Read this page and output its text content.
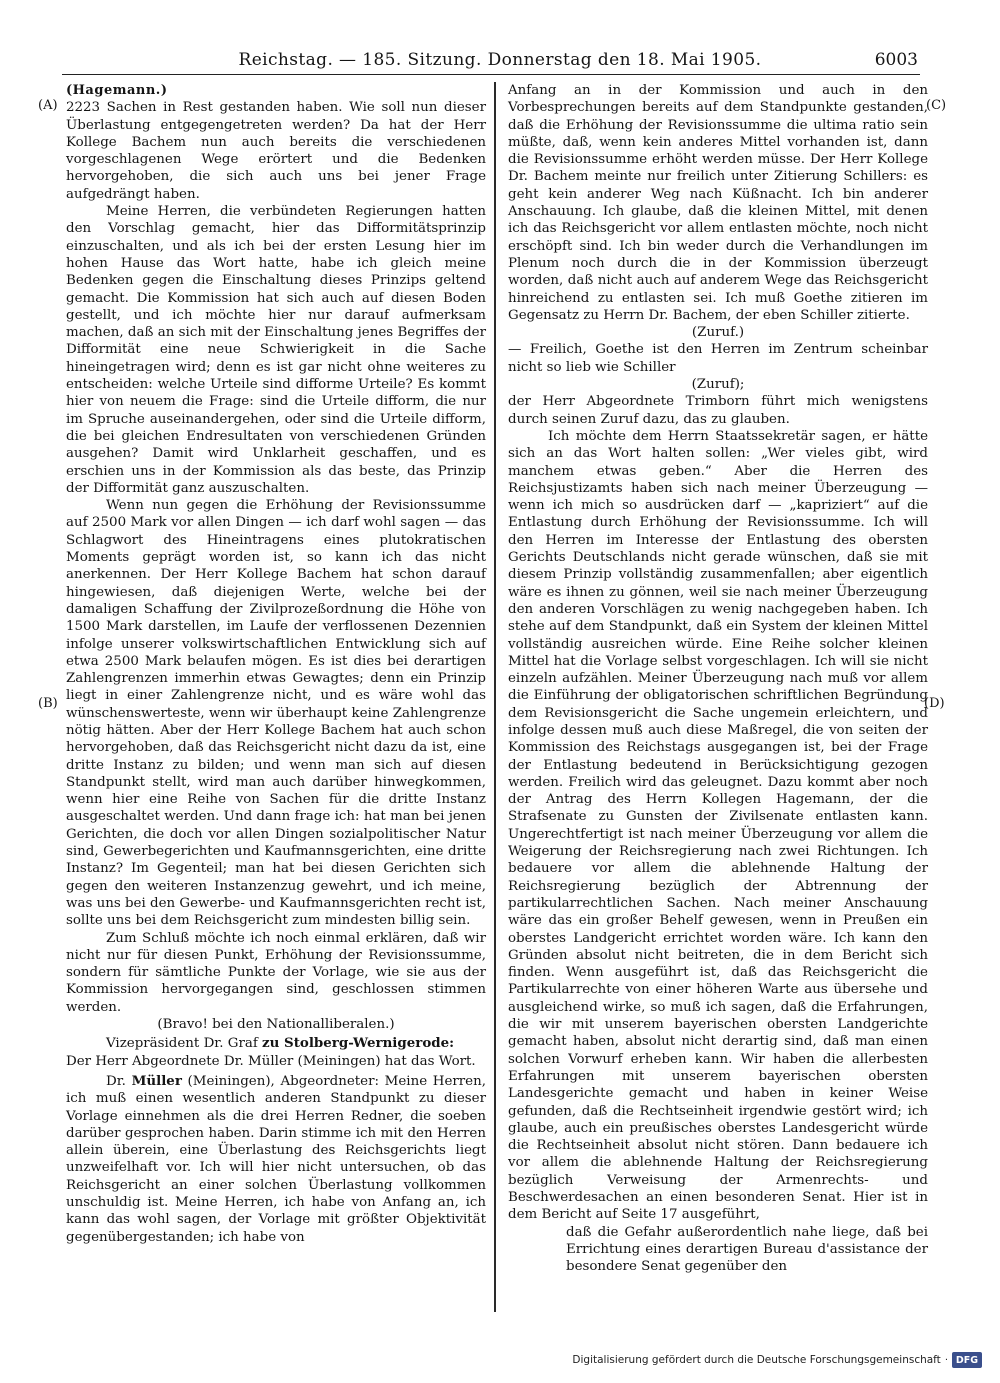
Reichstag. — 185. Sitzung. Donnerstag den 18. Mai 1905.	6003
(A)
(B)
(C)
(D)

(Hagemann.)

2223 Sachen in Rest gestanden haben. Wie soll nun dieser Überlastung entgegengetreten werden? Da hat der Herr Kollege Bachem nun auch bereits die verschiedenen vorgeschlagenen Wege erörtert und die Bedenken hervorgehoben, die sich auch uns bei jener Frage aufgedrängt haben.

Meine Herren, die verbündeten Regierungen hatten den Vorschlag gemacht, hier das Difformitätsprinzip einzuschalten, und als ich bei der ersten Lesung hier im hohen Hause das Wort hatte, habe ich gleich meine Bedenken gegen die Einschaltung dieses Prinzips geltend gemacht. Die Kommission hat sich auch auf diesen Boden gestellt, und ich möchte hier nur darauf aufmerksam machen, daß an sich mit der Einschaltung jenes Begriffes der Difformität eine neue Schwierigkeit in die Sache hineingetragen wird; denn es ist gar nicht ohne weiteres zu entscheiden: welche Urteile sind difforme Urteile? Es kommt hier von neuem die Frage: sind die Urteile difform, die nur im Spruche auseinandergehen, oder sind die Urteile difform, die bei gleichen Endresultaten von verschiedenen Gründen ausgehen? Damit wird Unklarheit geschaffen, und es erschien uns in der Kommission als das beste, das Prinzip der Difformität ganz auszuschalten.

Wenn nun gegen die Erhöhung der Revisionssumme auf 2500 Mark vor allen Dingen — ich darf wohl sagen — das Schlagwort des Hineintragens eines plutokratischen Moments geprägt worden ist, so kann ich das nicht anerkennen. Der Herr Kollege Bachem hat schon darauf hingewiesen, daß diejenigen Werte, welche bei der damaligen Schaffung der Zivilprozeßordnung die Höhe von 1500 Mark darstellen, im Laufe der verflossenen Dezennien infolge unserer volkswirtschaftlichen Entwicklung sich auf etwa 2500 Mark belaufen mögen. Es ist dies bei derartigen Zahlengrenzen immerhin etwas Gewagtes; denn ein Prinzip liegt in einer Zahlengrenze nicht, und es wäre wohl das wünschenswerteste, wenn wir überhaupt keine Zahlengrenze nötig hätten. Aber der Herr Kollege Bachem hat auch schon hervorgehoben, daß das Reichsgericht nicht dazu da ist, eine dritte Instanz zu bilden; und wenn man sich auf diesen Standpunkt stellt, wird man auch darüber hinwegkommen, wenn hier eine Reihe von Sachen für die dritte Instanz ausgeschaltet werden. Und dann frage ich: hat man bei jenen Gerichten, die doch vor allen Dingen sozialpolitischer Natur sind, Gewerbegerichten und Kaufmannsgerichten, eine dritte Instanz? Im Gegenteil; man hat bei diesen Gerichten sich gegen den weiteren Instanzenzug gewehrt, und ich meine, was uns bei den Gewerbe- und Kaufmannsgerichten recht ist, sollte uns bei dem Reichsgericht zum mindesten billig sein.

Zum Schluß möchte ich noch einmal erklären, daß wir nicht nur für diesen Punkt, Erhöhung der Revisionssumme, sondern für sämtliche Punkte der Vorlage, wie sie aus der Kommission hervorgegangen sind, geschlossen stimmen werden.

(Bravo! bei den Nationalliberalen.)

Vizepräsident Dr. Graf zu Stolberg-Wernigerode:

Der Herr Abgeordnete Dr. Müller (Meiningen) hat das Wort.

Dr. Müller (Meiningen), Abgeordneter: Meine Herren, ich muß einen wesentlich anderen Standpunkt zu dieser Vorlage einnehmen als die drei Herren Redner, die soeben darüber gesprochen haben. Darin stimme ich mit den Herren allein überein, eine Überlastung des Reichsgerichts liegt unzweifelhaft vor. Ich will hier nicht untersuchen, ob das Reichsgericht an einer solchen Überlastung vollkommen unschuldig ist. Meine Herren, ich habe von Anfang an, ich kann das wohl sagen, der Vorlage mit größter Objektivität gegenübergestanden; ich habe von

Anfang an in der Kommission und auch in den Vorbesprechungen bereits auf dem Standpunkte gestanden, daß die Erhöhung der Revisionssumme die ultima ratio sein müßte, daß, wenn kein anderes Mittel vorhanden ist, dann die Revisionssumme erhöht werden müsse. Der Herr Kollege Dr. Bachem meinte nur freilich unter Zitierung Schillers: es geht kein anderer Weg nach Küßnacht. Ich bin anderer Anschauung. Ich glaube, daß die kleinen Mittel, mit denen ich das Reichsgericht vor allem entlasten möchte, noch nicht erschöpft sind. Ich bin weder durch die Verhandlungen im Plenum noch durch die in der Kommission überzeugt worden, daß nicht auch auf anderem Wege das Reichsgericht hinreichend zu entlasten sei. Ich muß Goethe zitieren im Gegensatz zu Herrn Dr. Bachem, der eben Schiller zitierte.

(Zuruf.)

— Freilich, Goethe ist den Herren im Zentrum scheinbar nicht so lieb wie Schiller

(Zuruf);

der Herr Abgeordnete Trimborn führt mich wenigstens durch seinen Zuruf dazu, das zu glauben.

Ich möchte dem Herrn Staatssekretär sagen, er hätte sich an das Wort halten sollen: „Wer vieles gibt, wird manchem etwas geben.“ Aber die Herren des Reichsjustizamts haben sich nach meiner Überzeugung — wenn ich mich so ausdrücken darf — „kapriziert“ auf die Entlastung durch Erhöhung der Revisionssumme. Ich will den Herren im Interesse der Entlastung des obersten Gerichts Deutschlands nicht gerade wünschen, daß sie mit diesem Prinzip vollständig zusammenfallen; aber eigentlich wäre es ihnen zu gönnen, weil sie nach meiner Überzeugung den anderen Vorschlägen zu wenig nachgegeben haben. Ich stehe auf dem Standpunkt, daß ein System der kleinen Mittel vollständig ausreichen würde. Eine Reihe solcher kleinen Mittel hat die Vorlage selbst vorgeschlagen. Ich will sie nicht einzeln aufzählen. Meiner Überzeugung nach muß vor allem die Einführung der obligatorischen schriftlichen Begründung dem Revisionsgericht die Sache ungemein erleichtern, und infolge dessen muß auch diese Maßregel, die von seiten der Kommission des Reichstags ausgegangen ist, bei der Frage der Entlastung bedeutend in Berücksichtigung gezogen werden. Freilich wird das geleugnet. Dazu kommt aber noch der Antrag des Herrn Kollegen Hagemann, der die Strafsenate zu Gunsten der Zivilsenate entlasten kann. Ungerechtfertigt ist nach meiner Überzeugung vor allem die Weigerung der Reichsregierung nach zwei Richtungen. Ich bedauere vor allem die ablehnende Haltung der Reichsregierung bezüglich der Abtrennung der partikularrechtlichen Sachen. Nach meiner Anschauung wäre das ein großer Behelf gewesen, wenn in Preußen ein oberstes Landgericht errichtet worden wäre. Ich kann den Gründen absolut nicht beitreten, die in dem Bericht sich finden. Wenn ausgeführt ist, daß das Reichsgericht die Partikularrechte von einer höheren Warte aus übersehe und ausgleichend wirke, so muß ich sagen, daß die Erfahrungen, die wir mit unserem bayerischen obersten Landgerichte gemacht haben, absolut nicht derartig sind, daß man einen solchen Vorwurf erheben kann. Wir haben die allerbesten Erfahrungen mit unserem bayerischen obersten Landesgerichte gemacht und haben in keiner Weise gefunden, daß die Rechtseinheit irgendwie gestört wird; ich glaube, auch ein preußisches oberstes Landesgericht würde die Rechtseinheit absolut nicht stören. Dann bedauere ich vor allem die ablehnende Haltung der Reichsregierung bezüglich Verweisung der Armenrechts- und Beschwerdesachen an einen besonderen Senat. Hier ist in dem Bericht auf Seite 17 ausgeführt,

daß die Gefahr außerordentlich nahe liege, daß bei Errichtung eines derartigen Bureau d'assistance der besondere Senat gegenüber den

Digitalisierung gefördert durch die Deutsche Forschungsgemeinschaft · DFG
